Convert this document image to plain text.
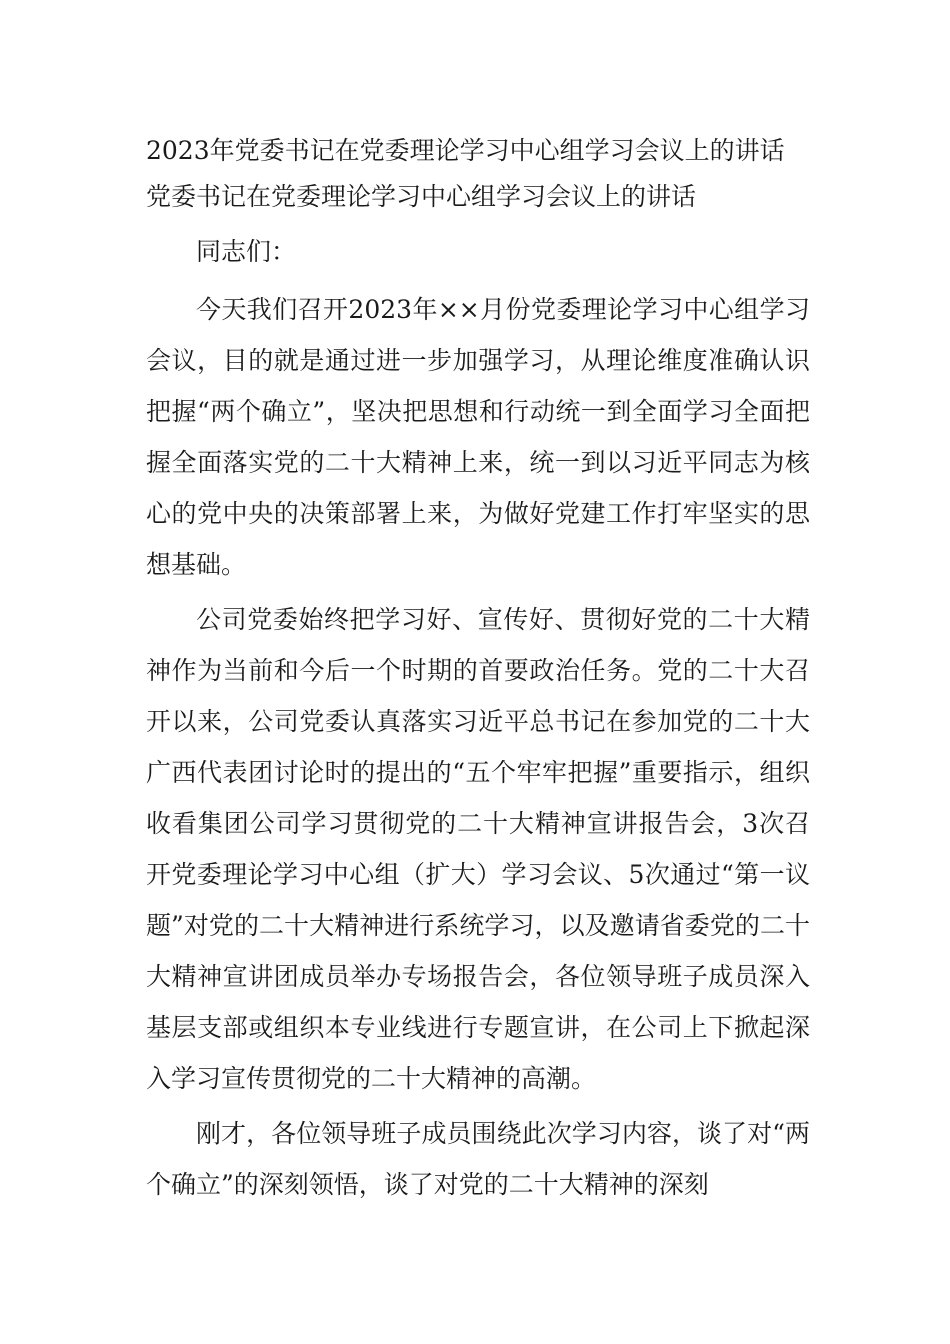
2023年党委书记在党委理论学习中心组学习会议上的讲话

党委书记在党委理论学习中心组学习会议上的讲话

同志们：

今天我们召开2023年××月份党委理论学习中心组学习会议，目的就是通过进一步加强学习，从理论维度准确认识把握“两个确立”，坚决把思想和行动统一到全面学习全面把握全面落实党的二十大精神上来，统一到以习近平同志为核心的党中央的决策部署上来，为做好党建工作打牢坚实的思想基础。

公司党委始终把学习好、宣传好、贯彻好党的二十大精神作为当前和今后一个时期的首要政治任务。党的二十大召开以来，公司党委认真落实习近平总书记在参加党的二十大广西代表团讨论时的提出的“五个牢牢把握”重要指示，组织收看集团公司学习贯彻党的二十大精神宣讲报告会，3次召开党委理论学习中心组（扩大）学习会议、5次通过“第一议题”对党的二十大精神进行系统学习，以及邀请省委党的二十大精神宣讲团成员举办专场报告会，各位领导班子成员深入基层支部或组织本专业线进行专题宣讲，在公司上下掀起深入学习宣传贯彻党的二十大精神的高潮。

刚才，各位领导班子成员围绕此次学习内容，谈了对“两个确立”的深刻领悟，谈了对党的二十大精神的深刻
